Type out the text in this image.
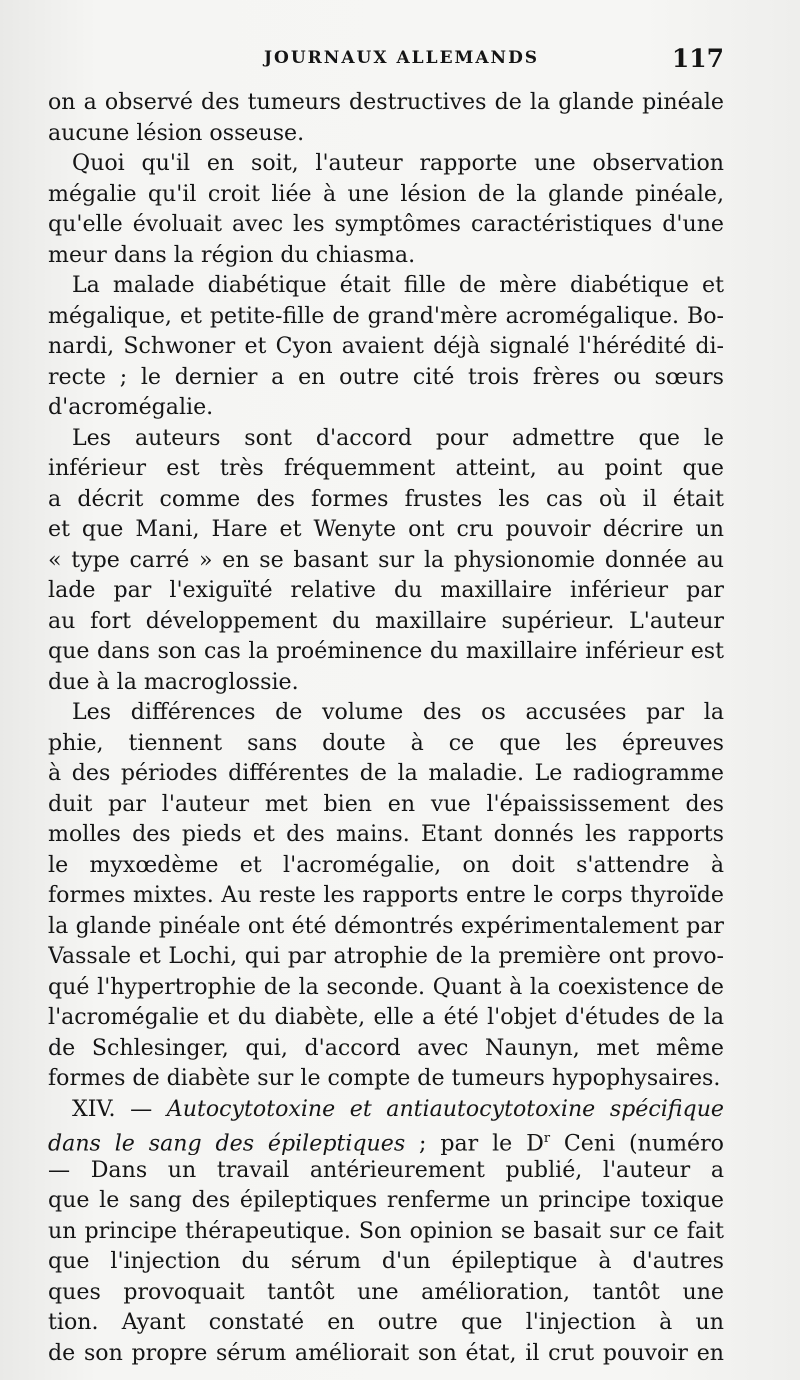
JOURNAUX ALLEMANDS	117
on a observé des tumeurs destructives de la glande pinéale
aucune lésion osseuse.
Quoi qu'il en soit, l'auteur rapporte une observation
mégalie qu'il croit liée à une lésion de la glande pinéale,
qu'elle évoluait avec les symptômes caractéristiques d'une
meur dans la région du chiasma.
La malade diabétique était fille de mère diabétique et
mégalique, et petite-fille de grand'mère acromégalique. Bo-
nardi, Schwoner et Cyon avaient déjà signalé l'hérédité di-
recte ; le dernier a en outre cité trois frères ou sœurs
d'acromégalie.
Les auteurs sont d'accord pour admettre que le
inférieur est très fréquemment atteint, au point que
a décrit comme des formes frustes les cas où il était
et que Mani, Hare et Wenyte ont cru pouvoir décrire un
« type carré » en se basant sur la physionomie donnée au
lade par l'exiguïté relative du maxillaire inférieur par
au fort développement du maxillaire supérieur. L'auteur
que dans son cas la proéminence du maxillaire inférieur est
due à la macroglossie.
Les différences de volume des os accusées par la
phie, tiennent sans doute à ce que les épreuves
à des périodes différentes de la maladie. Le radiogramme
duit par l'auteur met bien en vue l'épaississement des
molles des pieds et des mains. Etant donnés les rapports
le myxœdème et l'acromégalie, on doit s'attendre à
formes mixtes. Au reste les rapports entre le corps thyroïde
la glande pinéale ont été démontrés expérimentalement par
Vassale et Lochi, qui par atrophie de la première ont provo-
qué l'hypertrophie de la seconde. Quant à la coexistence de
l'acromégalie et du diabète, elle a été l'objet d'études de la
de Schlesinger, qui, d'accord avec Naunyn, met même
formes de diabète sur le compte de tumeurs hypophysaires.
XIV. — Autocytotoxine et antiautocytotoxine spécifique
dans le sang des épileptiques ; par le $D^r$ Ceni (numéro
— Dans un travail antérieurement publié, l'auteur a
que le sang des épileptiques renferme un principe toxique
un principe thérapeutique. Son opinion se basait sur ce fait
que l'injection du sérum d'un épileptique à d'autres
ques provoquait tantôt une amélioration, tantôt une
tion. Ayant constaté en outre que l'injection à un
de son propre sérum améliorait son état, il crut pouvoir en
